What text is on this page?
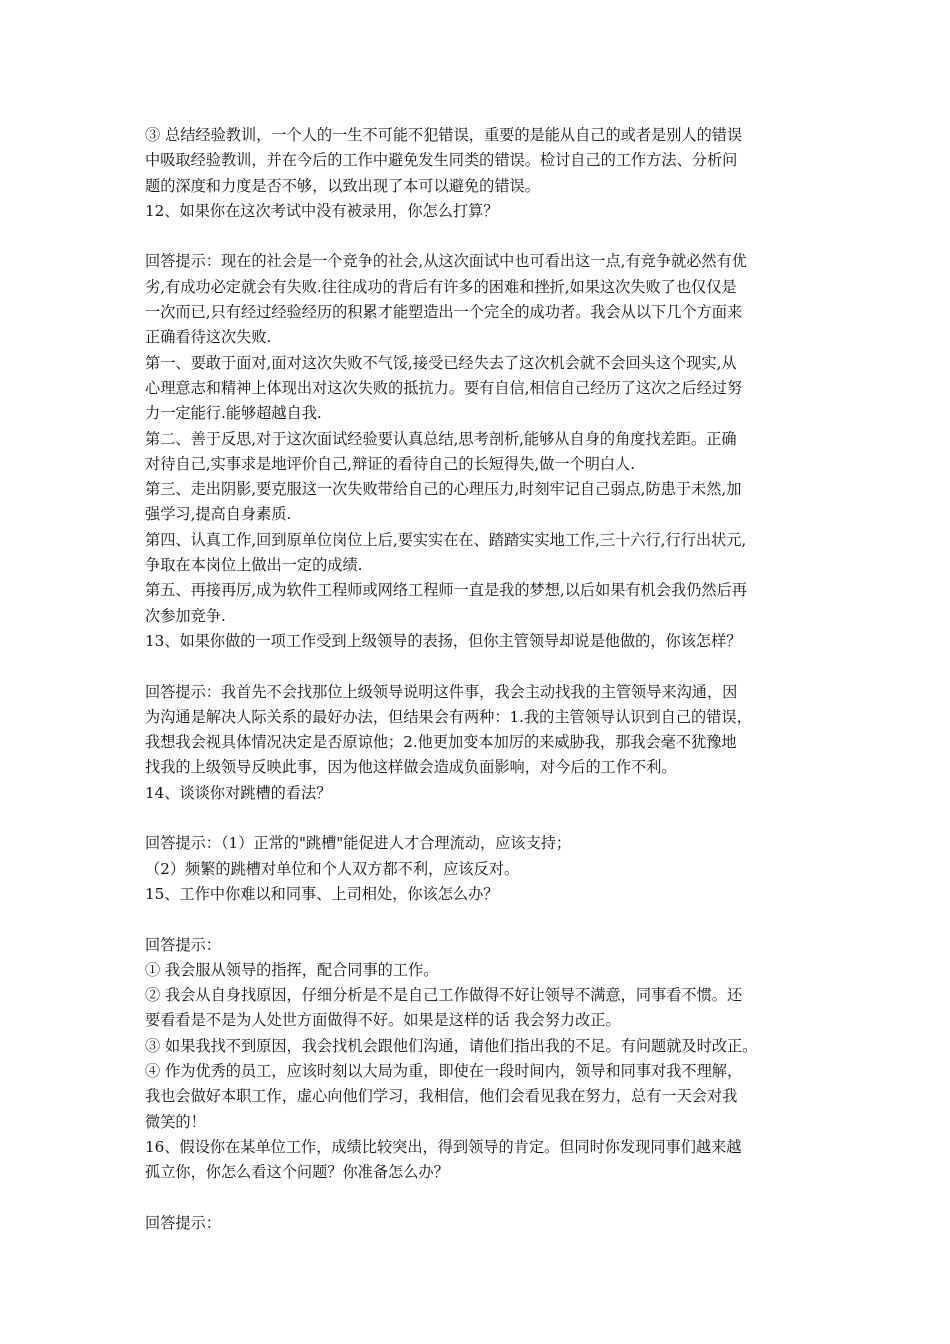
③ 总结经验教训，一个人的一生不可能不犯错误，重要的是能从自己的或者是别人的错误
中吸取经验教训，并在今后的工作中避免发生同类的错误。检讨自己的工作方法、分析问
题的深度和力度是否不够，以致出现了本可以避免的错误。
12、如果你在这次考试中没有被录用，你怎么打算？
回答提示：现在的社会是一个竞争的社会,从这次面试中也可看出这一点,有竞争就必然有优
劣,有成功必定就会有失败.往往成功的背后有许多的困难和挫折,如果这次失败了也仅仅是
一次而已,只有经过经验经历的积累才能塑造出一个完全的成功者。我会从以下几个方面来
正确看待这次失败.
第一、要敢于面对,面对这次失败不气馁,接受已经失去了这次机会就不会回头这个现实,从
心理意志和精神上体现出对这次失败的抵抗力。要有自信,相信自己经历了这次之后经过努
力一定能行.能够超越自我.
第二、善于反思,对于这次面试经验要认真总结,思考剖析,能够从自身的角度找差距。正确
对待自己,实事求是地评价自己,辩证的看待自己的长短得失,做一个明白人.
第三、走出阴影,要克服这一次失败带给自己的心理压力,时刻牢记自己弱点,防患于未然,加
强学习,提高自身素质.
第四、认真工作,回到原单位岗位上后,要实实在在、踏踏实实地工作,三十六行,行行出状元,
争取在本岗位上做出一定的成绩.
第五、再接再厉,成为软件工程师或网络工程师一直是我的梦想,以后如果有机会我仍然后再
次参加竞争.
13、如果你做的一项工作受到上级领导的表扬，但你主管领导却说是他做的，你该怎样？
回答提示：我首先不会找那位上级领导说明这件事，我会主动找我的主管领导来沟通，因
为沟通是解决人际关系的最好办法，但结果会有两种：1.我的主管领导认识到自己的错误，
我想我会视具体情况决定是否原谅他；2.他更加变本加厉的来威胁我，那我会毫不犹豫地
找我的上级领导反映此事，因为他这样做会造成负面影响，对今后的工作不利。
14、谈谈你对跳槽的看法？
回答提示：（1）正常的"跳槽"能促进人才合理流动，应该支持；
（2）频繁的跳槽对单位和个人双方都不利，应该反对。
15、工作中你难以和同事、上司相处，你该怎么办？
回答提示：
① 我会服从领导的指挥，配合同事的工作。
② 我会从自身找原因，仔细分析是不是自己工作做得不好让领导不满意，同事看不惯。还
要看看是不是为人处世方面做得不好。如果是这样的话 我会努力改正。
③ 如果我找不到原因，我会找机会跟他们沟通，请他们指出我的不足。有问题就及时改正。
④ 作为优秀的员工，应该时刻以大局为重，即使在一段时间内，领导和同事对我不理解，
我也会做好本职工作，虚心向他们学习，我相信，他们会看见我在努力，总有一天会对我
微笑的！
16、假设你在某单位工作，成绩比较突出，得到领导的肯定。但同时你发现同事们越来越
孤立你，你怎么看这个问题？你准备怎么办？
回答提示：
